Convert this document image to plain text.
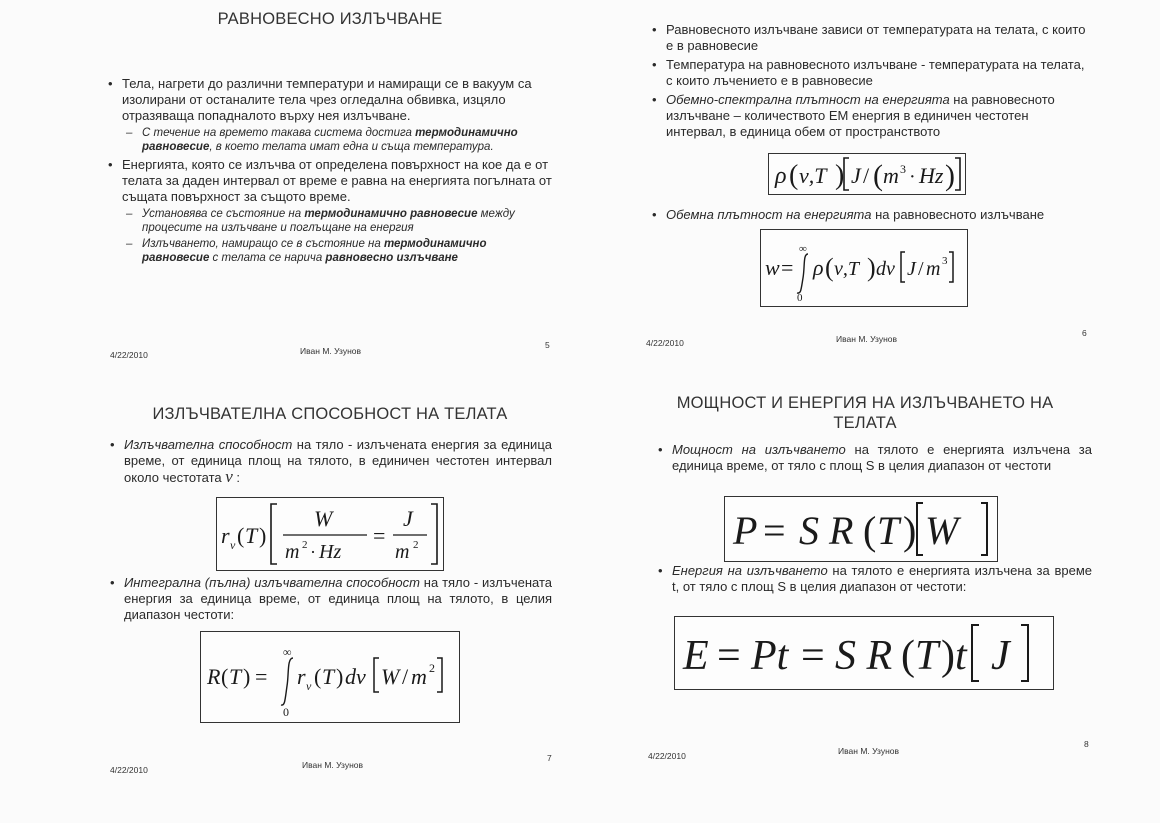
РАВНОВЕСНО ИЗЛЪЧВАНЕ
• Тела, нагрети до различни температури и намиращи се в вакуум са изолирани от останалите тела чрез огледална обвивка, изцяло отразяваща попадналото върху нея излъчване.
– С течение на времето такава система достига термодинамично равновесие, в което телата имат една и съща температура.
• Енергията, която се излъчва от определена повърхност на кое да е от телата за даден интервал от време е равна на енергията погълната от същата повърхност за същото време.
– Установява се състояние на термодинамично равновесие между процесите на излъчване и поглъщане на енергия
– Излъчването, намиращо се в състояние на термодинамично равновесие с телата се нарича равновесно излъчване
4/22/2010	Иван М. Узунов
5
• Равновесното излъчване зависи от температурата на телата, с които е в равновесие
• Температура на равновесното излъчване - температурата на телата, с които лъчението е в равновесие
• Обемно-спектрална плътност на енергията на равновесното излъчване – количеството ЕМ енергия в единичен честотен интервал, в единица обем от пространството
ρ ( ν,T ) J / ( m 3 · Hz )
• Обемна плътност на енергията на равновесното излъчване
w =
∞
0
ρ ( ν,T ) dν J / m 3
4/22/2010	Иван М. Узунов
6
ИЗЛЪЧВАТЕЛНА СПОСОБНОСТ НА ТЕЛАТА
• Излъчвателна способност на тяло - излъчената енергия за единица време, от единица площ на тялото, в единичен честотен интервал около честотата ν :
r ν ( T )
W
m 2 · Hz
=
J
m 2
• Интегрална (пълна) излъчвателна способност на тяло - излъчената енергия за единица време, от единица площ на тялото, в целия диапазон честоти:
R ( T ) =
∞
0
r ν ( T ) dν W / m 2
4/22/2010	Иван М. Узунов
7
МОЩНОСТ И ЕНЕРГИЯ НА ИЗЛЪЧВАНЕТО НА ТЕЛАТА
• Мощност на излъчването на тялото е енергията излъчена за единица време, от тяло с площ S в целия диапазон от честоти
P = S R ( T ) W
• Енергия на излъчването на тялото е енергията излъчена за време t, от тяло с площ S в целия диапазон от честоти:
E = Pt = S R ( T ) t J
4/22/2010	Иван М. Узунов
8
